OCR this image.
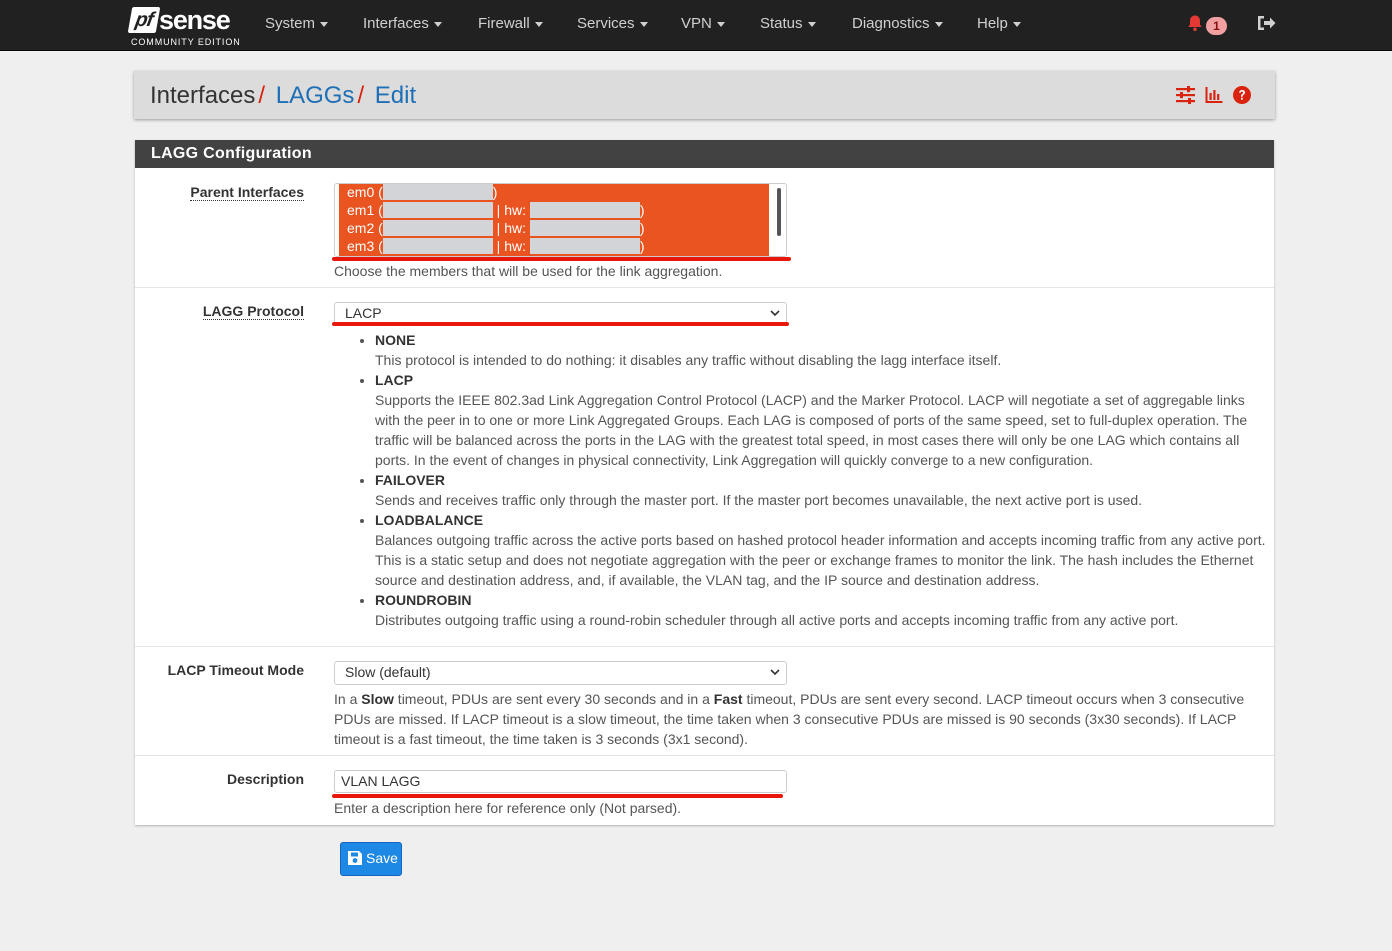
pf sense
COMMUNITY EDITION
System	Interfaces	Firewall	Services	VPN	Status	Diagnostics	Help	1
Interfaces / LAGGs / Edit
LAGG Configuration
Parent Interfaces	em0 (	)
em1 (	| hw:	)
em2 (	| hw:	)
em3 (	| hw:	)
Choose the members that will be used for the link aggregation.
LAGG Protocol	LACP
• NONE
This protocol is intended to do nothing: it disables any traffic without disabling the lagg interface itself.
• LACP
Supports the IEEE 802.3ad Link Aggregation Control Protocol (LACP) and the Marker Protocol. LACP will negotiate a set of aggregable links with the peer in to one or more Link Aggregated Groups. Each LAG is composed of ports of the same speed, set to full-duplex operation. The traffic will be balanced across the ports in the LAG with the greatest total speed, in most cases there will only be one LAG which contains all ports. In the event of changes in physical connectivity, Link Aggregation will quickly converge to a new configuration.
• FAILOVER
Sends and receives traffic only through the master port. If the master port becomes unavailable, the next active port is used.
• LOADBALANCE
Balances outgoing traffic across the active ports based on hashed protocol header information and accepts incoming traffic from any active port. This is a static setup and does not negotiate aggregation with the peer or exchange frames to monitor the link. The hash includes the Ethernet source and destination address, and, if available, the VLAN tag, and the IP source and destination address.
• ROUNDROBIN
Distributes outgoing traffic using a round-robin scheduler through all active ports and accepts incoming traffic from any active port.
LACP Timeout Mode	Slow (default)
In a Slow timeout, PDUs are sent every 30 seconds and in a Fast timeout, PDUs are sent every second. LACP timeout occurs when 3 consecutive PDUs are missed. If LACP timeout is a slow timeout, the time taken when 3 consecutive PDUs are missed is 90 seconds (3x30 seconds). If LACP timeout is a fast timeout, the time taken is 3 seconds (3x1 second).
Description	VLAN LAGG
Enter a description here for reference only (Not parsed).
Save
